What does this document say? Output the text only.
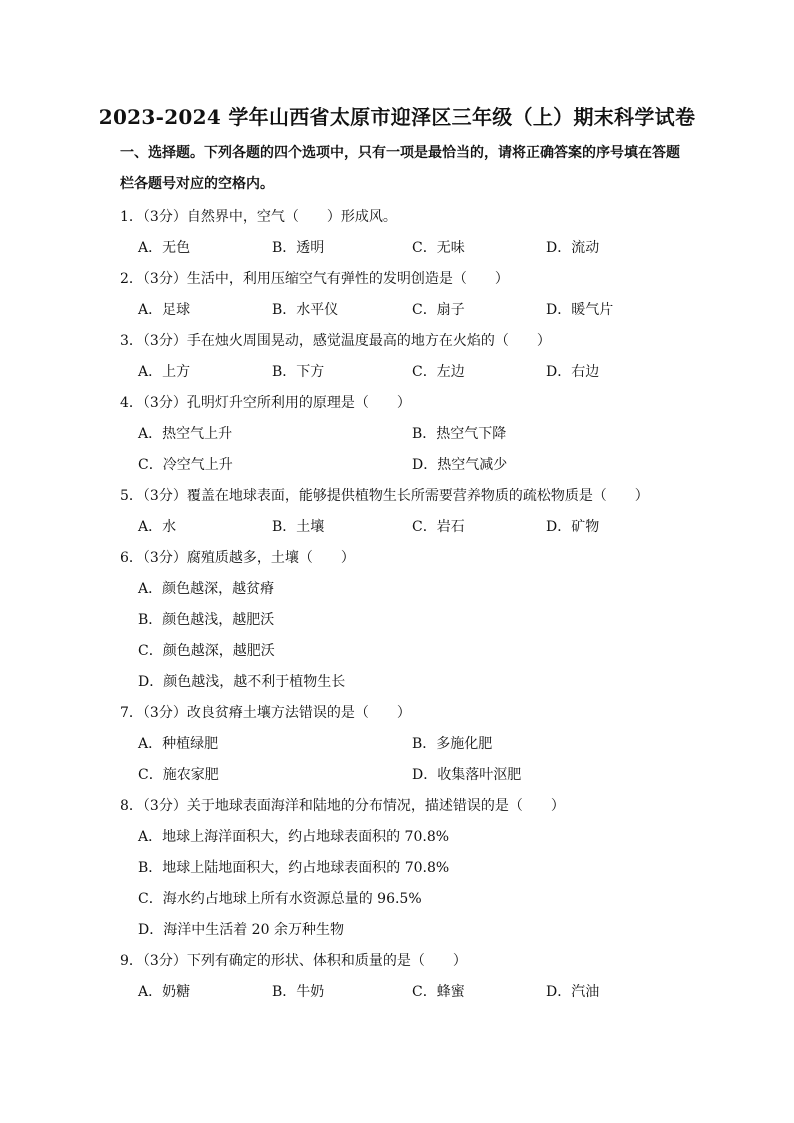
2023-2024 学年山西省太原市迎泽区三年级（上）期末科学试卷
一、选择题。下列各题的四个选项中，只有一项是最恰当的，请将正确答案的序号填在答题栏各题号对应的空格内。
1．（3分）自然界中，空气（　　）形成风。
A．无色	B．透明	C．无味	D．流动
2．（3分）生活中，利用压缩空气有弹性的发明创造是（　　）
A．足球	B．水平仪	C．扇子	D．暖气片
3．（3分）手在烛火周围晃动，感觉温度最高的地方在火焰的（　　）
A．上方	B．下方	C．左边	D．右边
4．（3分）孔明灯升空所利用的原理是（　　）
A．热空气上升	B．热空气下降
C．冷空气上升	D．热空气减少
5．（3分）覆盖在地球表面，能够提供植物生长所需要营养物质的疏松物质是（　　）
A．水	B．土壤	C．岩石	D．矿物
6．（3分）腐殖质越多，土壤（　　）
A．颜色越深，越贫瘠
B．颜色越浅，越肥沃
C．颜色越深，越肥沃
D．颜色越浅，越不利于植物生长
7．（3分）改良贫瘠土壤方法错误的是（　　）
A．种植绿肥	B．多施化肥
C．施农家肥	D．收集落叶沤肥
8．（3分）关于地球表面海洋和陆地的分布情况，描述错误的是（　　）
A．地球上海洋面积大，约占地球表面积的 70.8%
B．地球上陆地面积大，约占地球表面积的 70.8%
C．海水约占地球上所有水资源总量的 96.5%
D．海洋中生活着 20 余万种生物
9．（3分）下列有确定的形状、体积和质量的是（　　）
A．奶糖	B．牛奶	C．蜂蜜	D．汽油
